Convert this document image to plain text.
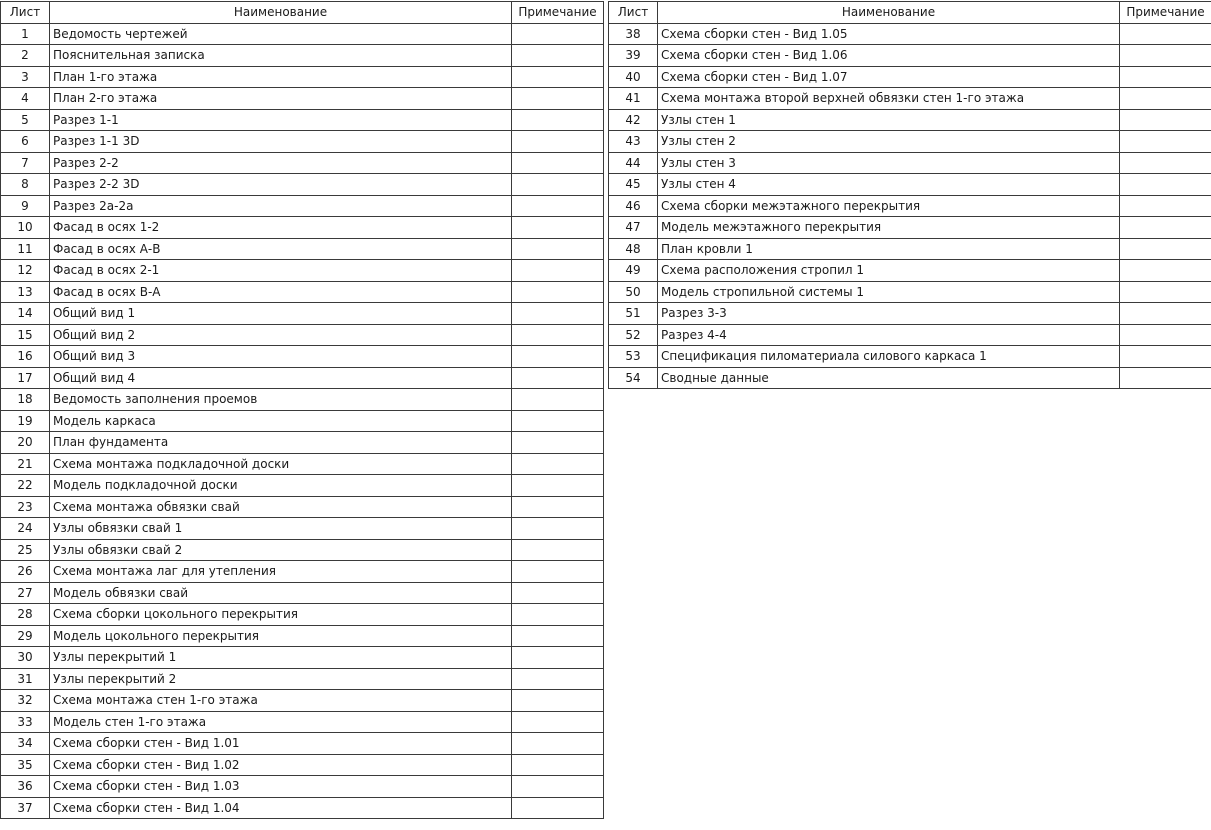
Лист	Наименование	Примечание
1	Ведомость чертежей	
2	Пояснительная записка	
3	План 1-го этажа	
4	План 2-го этажа	
5	Разрез 1-1	
6	Разрез 1-1 3D	
7	Разрез 2-2	
8	Разрез 2-2 3D	
9	Разрез 2а-2а	
10	Фасад в осях 1-2	
11	Фасад в осях А-В	
12	Фасад в осях 2-1	
13	Фасад в осях В-А	
14	Общий вид 1	
15	Общий вид 2	
16	Общий вид 3	
17	Общий вид 4	
18	Ведомость заполнения проемов	
19	Модель каркаса	
20	План фундамента	
21	Схема монтажа подкладочной доски	
22	Модель подкладочной доски	
23	Схема монтажа обвязки свай	
24	Узлы обвязки свай 1	
25	Узлы обвязки свай 2	
26	Схема монтажа лаг для утепления	
27	Модель обвязки свай	
28	Схема сборки цокольного перекрытия	
29	Модель цокольного перекрытия	
30	Узлы перекрытий 1	
31	Узлы перекрытий 2	
32	Схема монтажа стен 1-го этажа	
33	Модель стен 1-го этажа	
34	Схема сборки стен - Вид 1.01	
35	Схема сборки стен - Вид 1.02	
36	Схема сборки стен - Вид 1.03	
37	Схема сборки стен - Вид 1.04	
Лист	Наименование	Примечание
38	Схема сборки стен - Вид 1.05	
39	Схема сборки стен - Вид 1.06	
40	Схема сборки стен - Вид 1.07	
41	Схема монтажа второй верхней обвязки стен 1-го этажа	
42	Узлы стен 1	
43	Узлы стен 2	
44	Узлы стен 3	
45	Узлы стен 4	
46	Схема сборки межэтажного перекрытия	
47	Модель межэтажного перекрытия	
48	План кровли 1	
49	Схема расположения стропил 1	
50	Модель стропильной системы 1	
51	Разрез 3-3	
52	Разрез 4-4	
53	Спецификация пиломатериала силового каркаса 1	
54	Сводные данные	
